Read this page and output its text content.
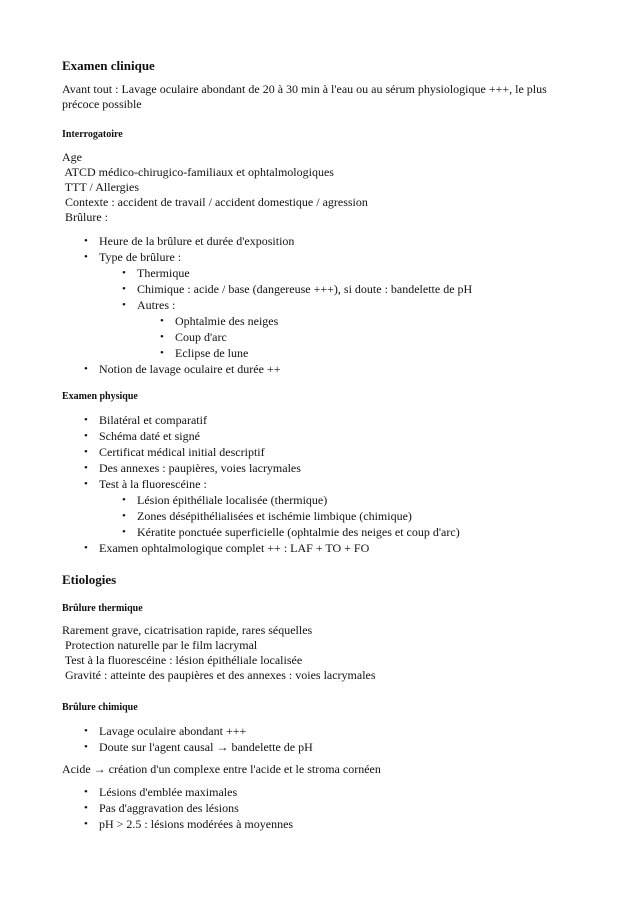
Examen clinique

Avant tout : Lavage oculaire abondant de 20 à 30 min à l'eau ou au sérum physiologique +++, le plus précoce possible

Interrogatoire
Age
ATCD médico-chirugico-familiaux et ophtalmologiques
TTT / Allergies
Contexte : accident de travail / accident domestique / agression
Brûlure :
• Heure de la brûlure et durée d'exposition
• Type de brûlure :
• Thermique
• Chimique : acide / base (dangereuse +++), si doute : bandelette de pH
• Autres :
• Ophtalmie des neiges
• Coup d'arc
• Eclipse de lune
• Notion de lavage oculaire et durée ++
Examen physique
• Bilatéral et comparatif
• Schéma daté et signé
• Certificat médical initial descriptif
• Des annexes : paupières, voies lacrymales
• Test à la fluorescéine :
• Lésion épithéliale localisée (thermique)
• Zones désépithélialisées et ischémie limbique (chimique)
• Kératite ponctuée superficielle (ophtalmie des neiges et coup d'arc)
• Examen ophtalmologique complet ++ : LAF + TO + FO
Etiologies
Brûlure thermique
Rarement grave, cicatrisation rapide, rares séquelles
Protection naturelle par le film lacrymal
Test à la fluorescéine : lésion épithéliale localisée
Gravité : atteinte des paupières et des annexes : voies lacrymales
Brûlure chimique
• Lavage oculaire abondant +++
• Doute sur l'agent causal → bandelette de pH
Acide → création d'un complexe entre l'acide et le stroma cornéen
• Lésions d'emblée maximales
• Pas d'aggravation des lésions
• pH > 2.5 : lésions modérées à moyennes
